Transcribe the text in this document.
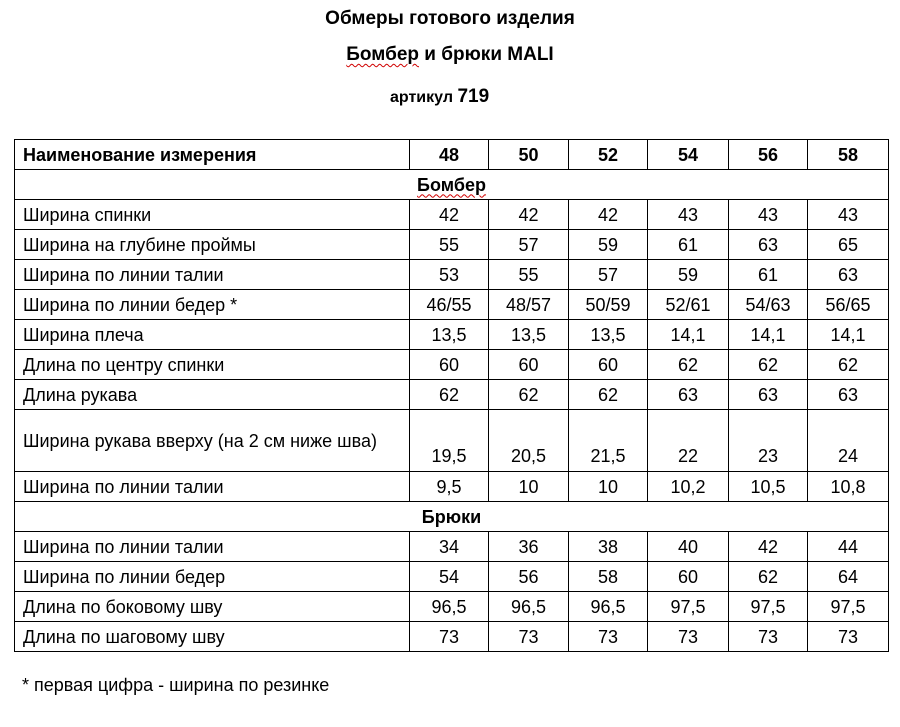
Обмеры готового изделия
Бомбер и брюки MALI
артикул 719
Наименование измерения	48	50	52	54	56	58
Бомбер						
Ширина спинки	42	42	42	43	43	43
Ширина на глубине проймы	55	57	59	61	63	65
Ширина по линии талии	53	55	57	59	61	63
Ширина по линии бедер *	46/55	48/57	50/59	52/61	54/63	56/65
Ширина плеча	13,5	13,5	13,5	14,1	14,1	14,1
Длина по центру спинки	60	60	60	62	62	62
Длина рукава	62	62	62	63	63	63
Ширина рукава вверху (на 2 см ниже шва)	19,5	20,5	21,5	22	23	24
Ширина по линии талии	9,5	10	10	10,2	10,5	10,8
Брюки						
Ширина по линии талии	34	36	38	40	42	44
Ширина по линии бедер	54	56	58	60	62	64
Длина по боковому шву	96,5	96,5	96,5	97,5	97,5	97,5
Длина по шаговому шву	73	73	73	73	73	73
* первая цифра - ширина по резинке
